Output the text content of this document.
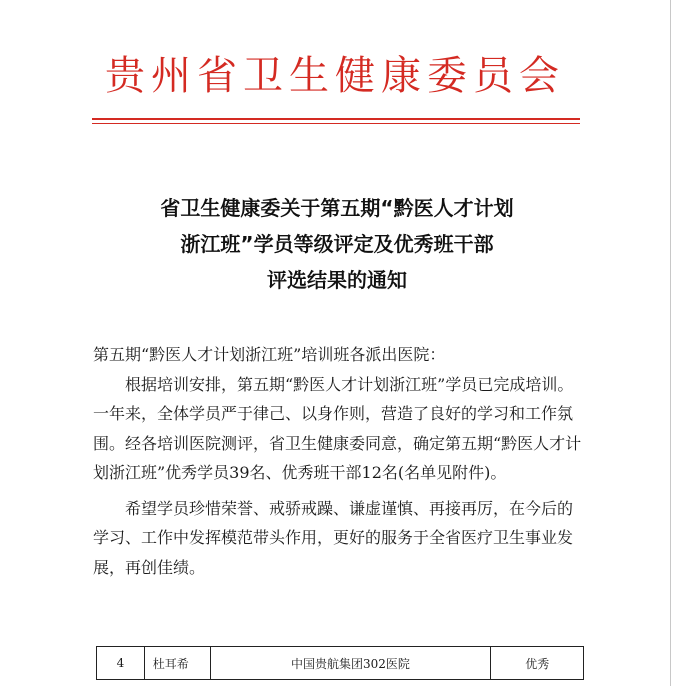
贵州省卫生健康委员会
省卫生健康委关于第五期“黔医人才计划
浙江班”学员等级评定及优秀班干部
评选结果的通知

第五期“黔医人才计划浙江班”培训班各派出医院：

根据培训安排，第五期“黔医人才计划浙江班”学员已完成培训。一年来，全体学员严于律己、以身作则，营造了良好的学习和工作氛围。经各培训医院测评，省卫生健康委同意，确定第五期“黔医人才计划浙江班”优秀学员39名、优秀班干部12名(名单见附件)。

希望学员珍惜荣誉、戒骄戒躁、谦虚谨慎、再接再厉，在今后的学习、工作中发挥模范带头作用，更好的服务于全省医疗卫生事业发展，再创佳绩。

4	杜耳希	中国贵航集团302医院	优秀
